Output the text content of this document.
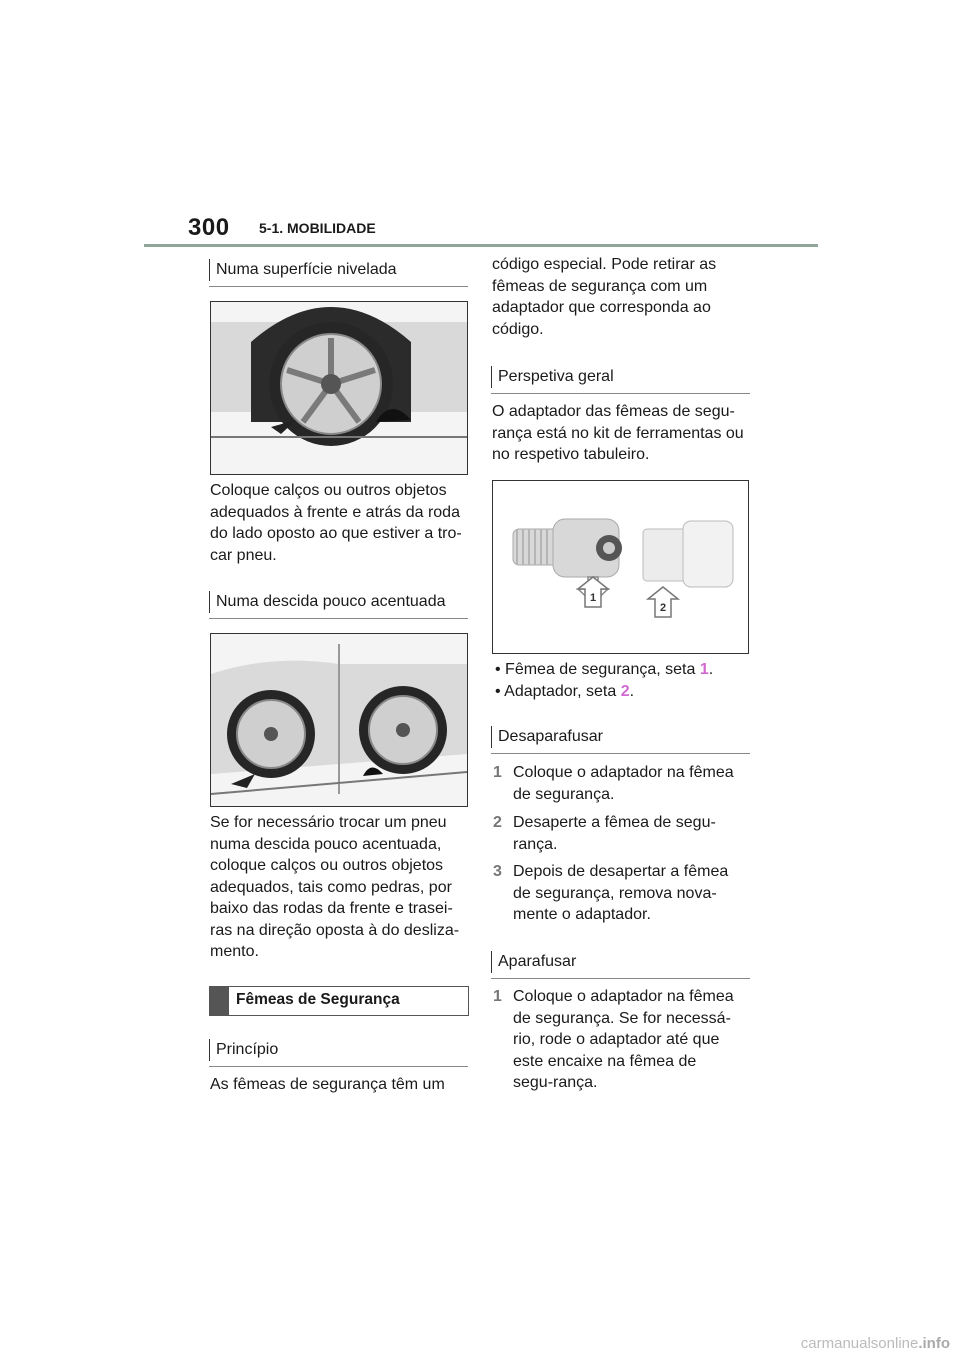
300 5-1. MOBILIDADE
Numa superfície nivelada
Coloque calços ou outros objetos adequados à frente e atrás da roda do lado oposto ao que estiver a tro-car pneu.
Numa descida pouco acentuada
Se for necessário trocar um pneu numa descida pouco acentuada, coloque calços ou outros objetos adequados, tais como pedras, por baixo das rodas da frente e trasei-ras na direção oposta à do desliza-mento.
Fêmeas de Segurança
Princípio
As fêmeas de segurança têm um
código especial. Pode retirar as fêmeas de segurança com um adaptador que corresponda ao código.
Perspetiva geral
O adaptador das fêmeas de segu-rança está no kit de ferramentas ou no respetivo tabuleiro.
1
2
• Fêmea de segurança, seta 1.
• Adaptador, seta 2.
Desaparafusar
1 Coloque o adaptador na fêmea de segurança.
2 Desaperte a fêmea de segu-rança.
3 Depois de desapertar a fêmea de segurança, remova nova-mente o adaptador.
Aparafusar
1 Coloque o adaptador na fêmea de segurança. Se for necessá-rio, rode o adaptador até que este encaixe na fêmea de segu-rança.
carmanualsonline.info
